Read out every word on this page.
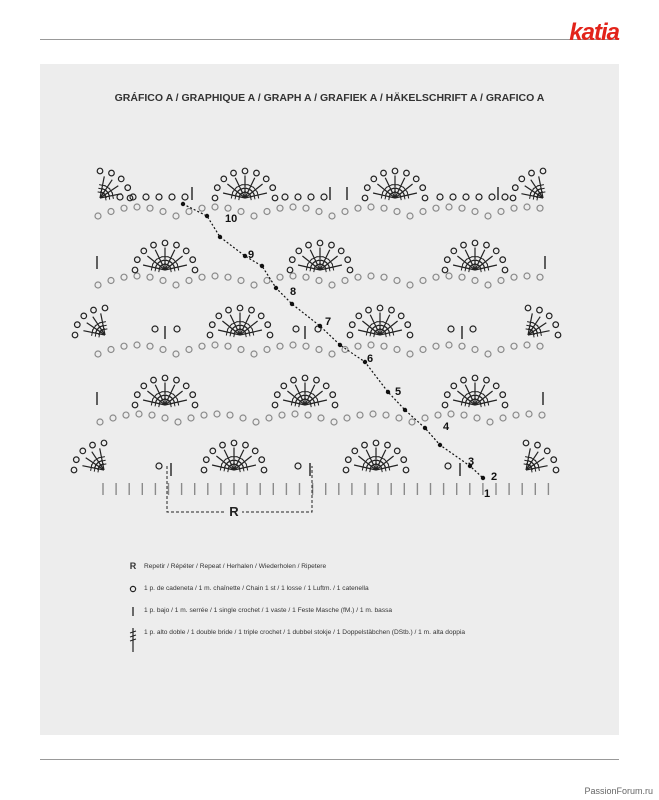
katia
GRÁFICO A / GRAPHIQUE A / GRAPH A / GRAFIEK A / HÄKELSCHRIFT A / GRAFICO A
1
2
3
4
5
6
7
8
9
10
R
R Repetir / Répéter / Repeat / Herhalen / Wiederholen / Ripetere
1 p. de cadeneta / 1 m. chaînette / Chain 1 st / 1 losse / 1 Luftm. / 1 catenella
1 p. bajo / 1 m. serrée / 1 single crochet / 1 vaste / 1 Feste Masche (fM.) / 1 m. bassa
1 p. alto doble / 1 double bride / 1 triple crochet / 1 dubbel stokje / 1 Doppelstäbchen (DStb.) / 1 m. alta doppia
PassionForum.ru
